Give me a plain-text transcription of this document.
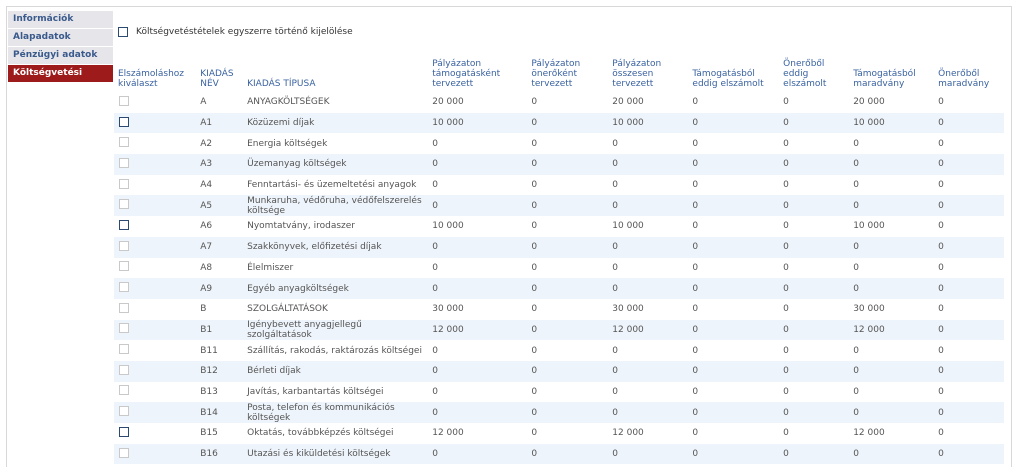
Információk
Alapadatok
Pénzügyi adatok
Költségvetési adatok
Költségvetéstételek egyszerre történő kijelölése
Elszámoláshoz kiválaszt	KIADÁS NÉV	KIADÁS TÍPUSA	Pályázaton támogatásként tervezett	Pályázaton önerőként tervezett	Pályázaton összesen tervezett	Támogatásból eddig elszámolt	Önerőből eddig elszámolt	Támogatásból maradvány	Önerőből maradvány
	A	ANYAGKÖLTSÉGEK	20 000	0	20 000	0	0	20 000	0
	A1	Közüzemi díjak	10 000	0	10 000	0	0	10 000	0
	A2	Energia költségek	0	0	0	0	0	0	0
	A3	Üzemanyag költségek	0	0	0	0	0	0	0
	A4	Fenntartási- és üzemeltetési anyagok	0	0	0	0	0	0	0
	A5	Munkaruha, védőruha, védőfelszerelés költsége	0	0	0	0	0	0	0
	A6	Nyomtatvány, irodaszer	10 000	0	10 000	0	0	10 000	0
	A7	Szakkönyvek, előfizetési díjak	0	0	0	0	0	0	0
	A8	Élelmiszer	0	0	0	0	0	0	0
	A9	Egyéb anyagköltségek	0	0	0	0	0	0	0
	B	SZOLGÁLTATÁSOK	30 000	0	30 000	0	0	30 000	0
	B1	Igénybevett anyagjellegű szolgáltatások	12 000	0	12 000	0	0	12 000	0
	B11	Szállítás, rakodás, raktározás költségei	0	0	0	0	0	0	0
	B12	Bérleti díjak	0	0	0	0	0	0	0
	B13	Javítás, karbantartás költségei	0	0	0	0	0	0	0
	B14	Posta, telefon és kommunikációs költségek	0	0	0	0	0	0	0
	B15	Oktatás, továbbképzés költségei	12 000	0	12 000	0	0	12 000	0
	B16	Utazási és kiküldetési költségek	0	0	0	0	0	0	0
